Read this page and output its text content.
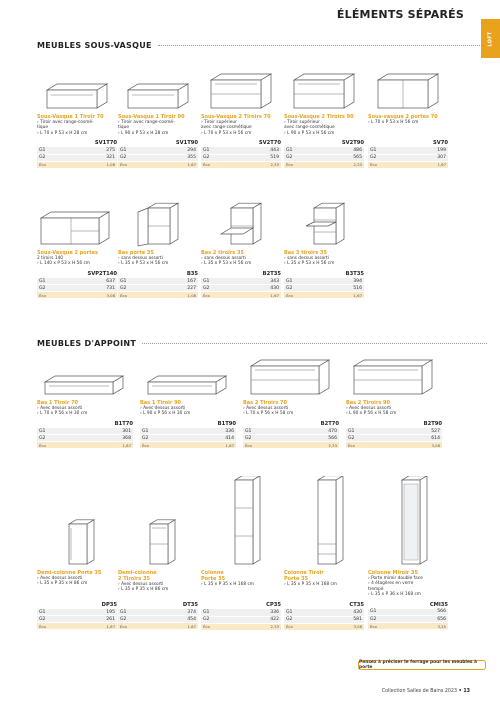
ÉLÉMENTS SÉPARÉS
LOFT
MEUBLES SOUS-VASQUE
MEUBLES D'APPOINT
Sous-Vasque 1 Tiroir 70
› Tiroir avec range-cosmé-
tique
› L 70 x P 53 x H 28 cm
SV1T70
G1	275
G2	321
Éco	1,08
Sous-Vasque 1 Tiroir 90
› Tiroir avec range-cosmé-
tique
› L 90 x P 53 x H 28 cm
SV1T90
G1	294
G2	355
Éco	1,67
Sous-Vasque 2 Tiroirs 70
› Tiroir supérieur
avec range-cosmétique
› L 70 x P 53 x H 56 cm
SV2T70
G1	443
G2	519
Éco	2,33
Sous-Vasque 2 Tiroirs 90
› Tiroir supérieur
avec range-cosmétique
› L 90 x P 53 x H 56 cm
SV2T90
G1	486
G2	565
Éco	2,33
Sous-vasque 2 portes 70
› L 70 x P 53 x H 56 cm
SV70
G1	199
G2	307
Éco	1,67
Sous-Vasque 2 portes
2 tiroirs 140
› L 140 x P 53 x H 56 cm
SVP2T140
G1	637
G2	731
Éco	3,08
Bas porte 35
› sans dessus assorti
› L 35 x P 53 x H 56 cm
B35
G1	167
G2	227
Éco	1,08
Bas 2 tiroirs 35
› sans dessus assorti
› L 35 x P 53 x H 56 cm
B2T35
G1	343
G2	430
Éco	1,67
Bas 3 tiroirs 35
› sans dessus assorti
› L 35 x P 53 x H 56 cm
B3T35
G1	394
G2	516
Éco	1,67
Bas 1 Tiroir 70
› Avec dessus assorti
› L 70 x P 56 x H 30 cm
B1T70
G1	301
G2	368
Éco	1,67
Bas 1 Tiroir 90
› Avec dessus assorti
› L 90 x P 56 x H 30 cm
B1T90
G1	336
G2	414
Éco	1,67
Bas 2 Tiroirs 70
› Avec dessus assorti
› L 70 x P 56 x H 58 cm
B2T70
G1	470
G2	566
Éco	2,33
Bas 2 Tiroirs 90
› Avec dessus assorti
› L 90 x P 56 x H 58 cm
B2T90
G1	527
G2	614
Éco	3,08
Demi-colonne Porte 35
› Avec dessus assorti
› L 35 x P 35 x H 86 cm
DP35
G1	195
G2	261
Éco	1,67
Demi-colonne
2 Tiroirs 35
› Avec dessus assorti
› L 35 x P 35 x H 86 cm
DT35
G1	374
G2	454
Éco	1,67
Colonne
Porte 35
› L 35 x P 35 x H 168 cm
CP35
G1	336
G2	422
Éco	2,33
Colonne Tiroir
Porte 35
› L 35 x P 35 x H 168 cm
CT35
G1	430
G2	581
Éco	3,08
Colonne Miroir 35
› Porte miroir double face
› 4 étagères en verre
trempé
› L 35 x P 36 x H 168 cm
CMI35
G1	566
G2	656
Éco	3,25
Pensez à préciser le ferrage pour les meubles à porte
Collection Salles de Bains 2023 • 13
